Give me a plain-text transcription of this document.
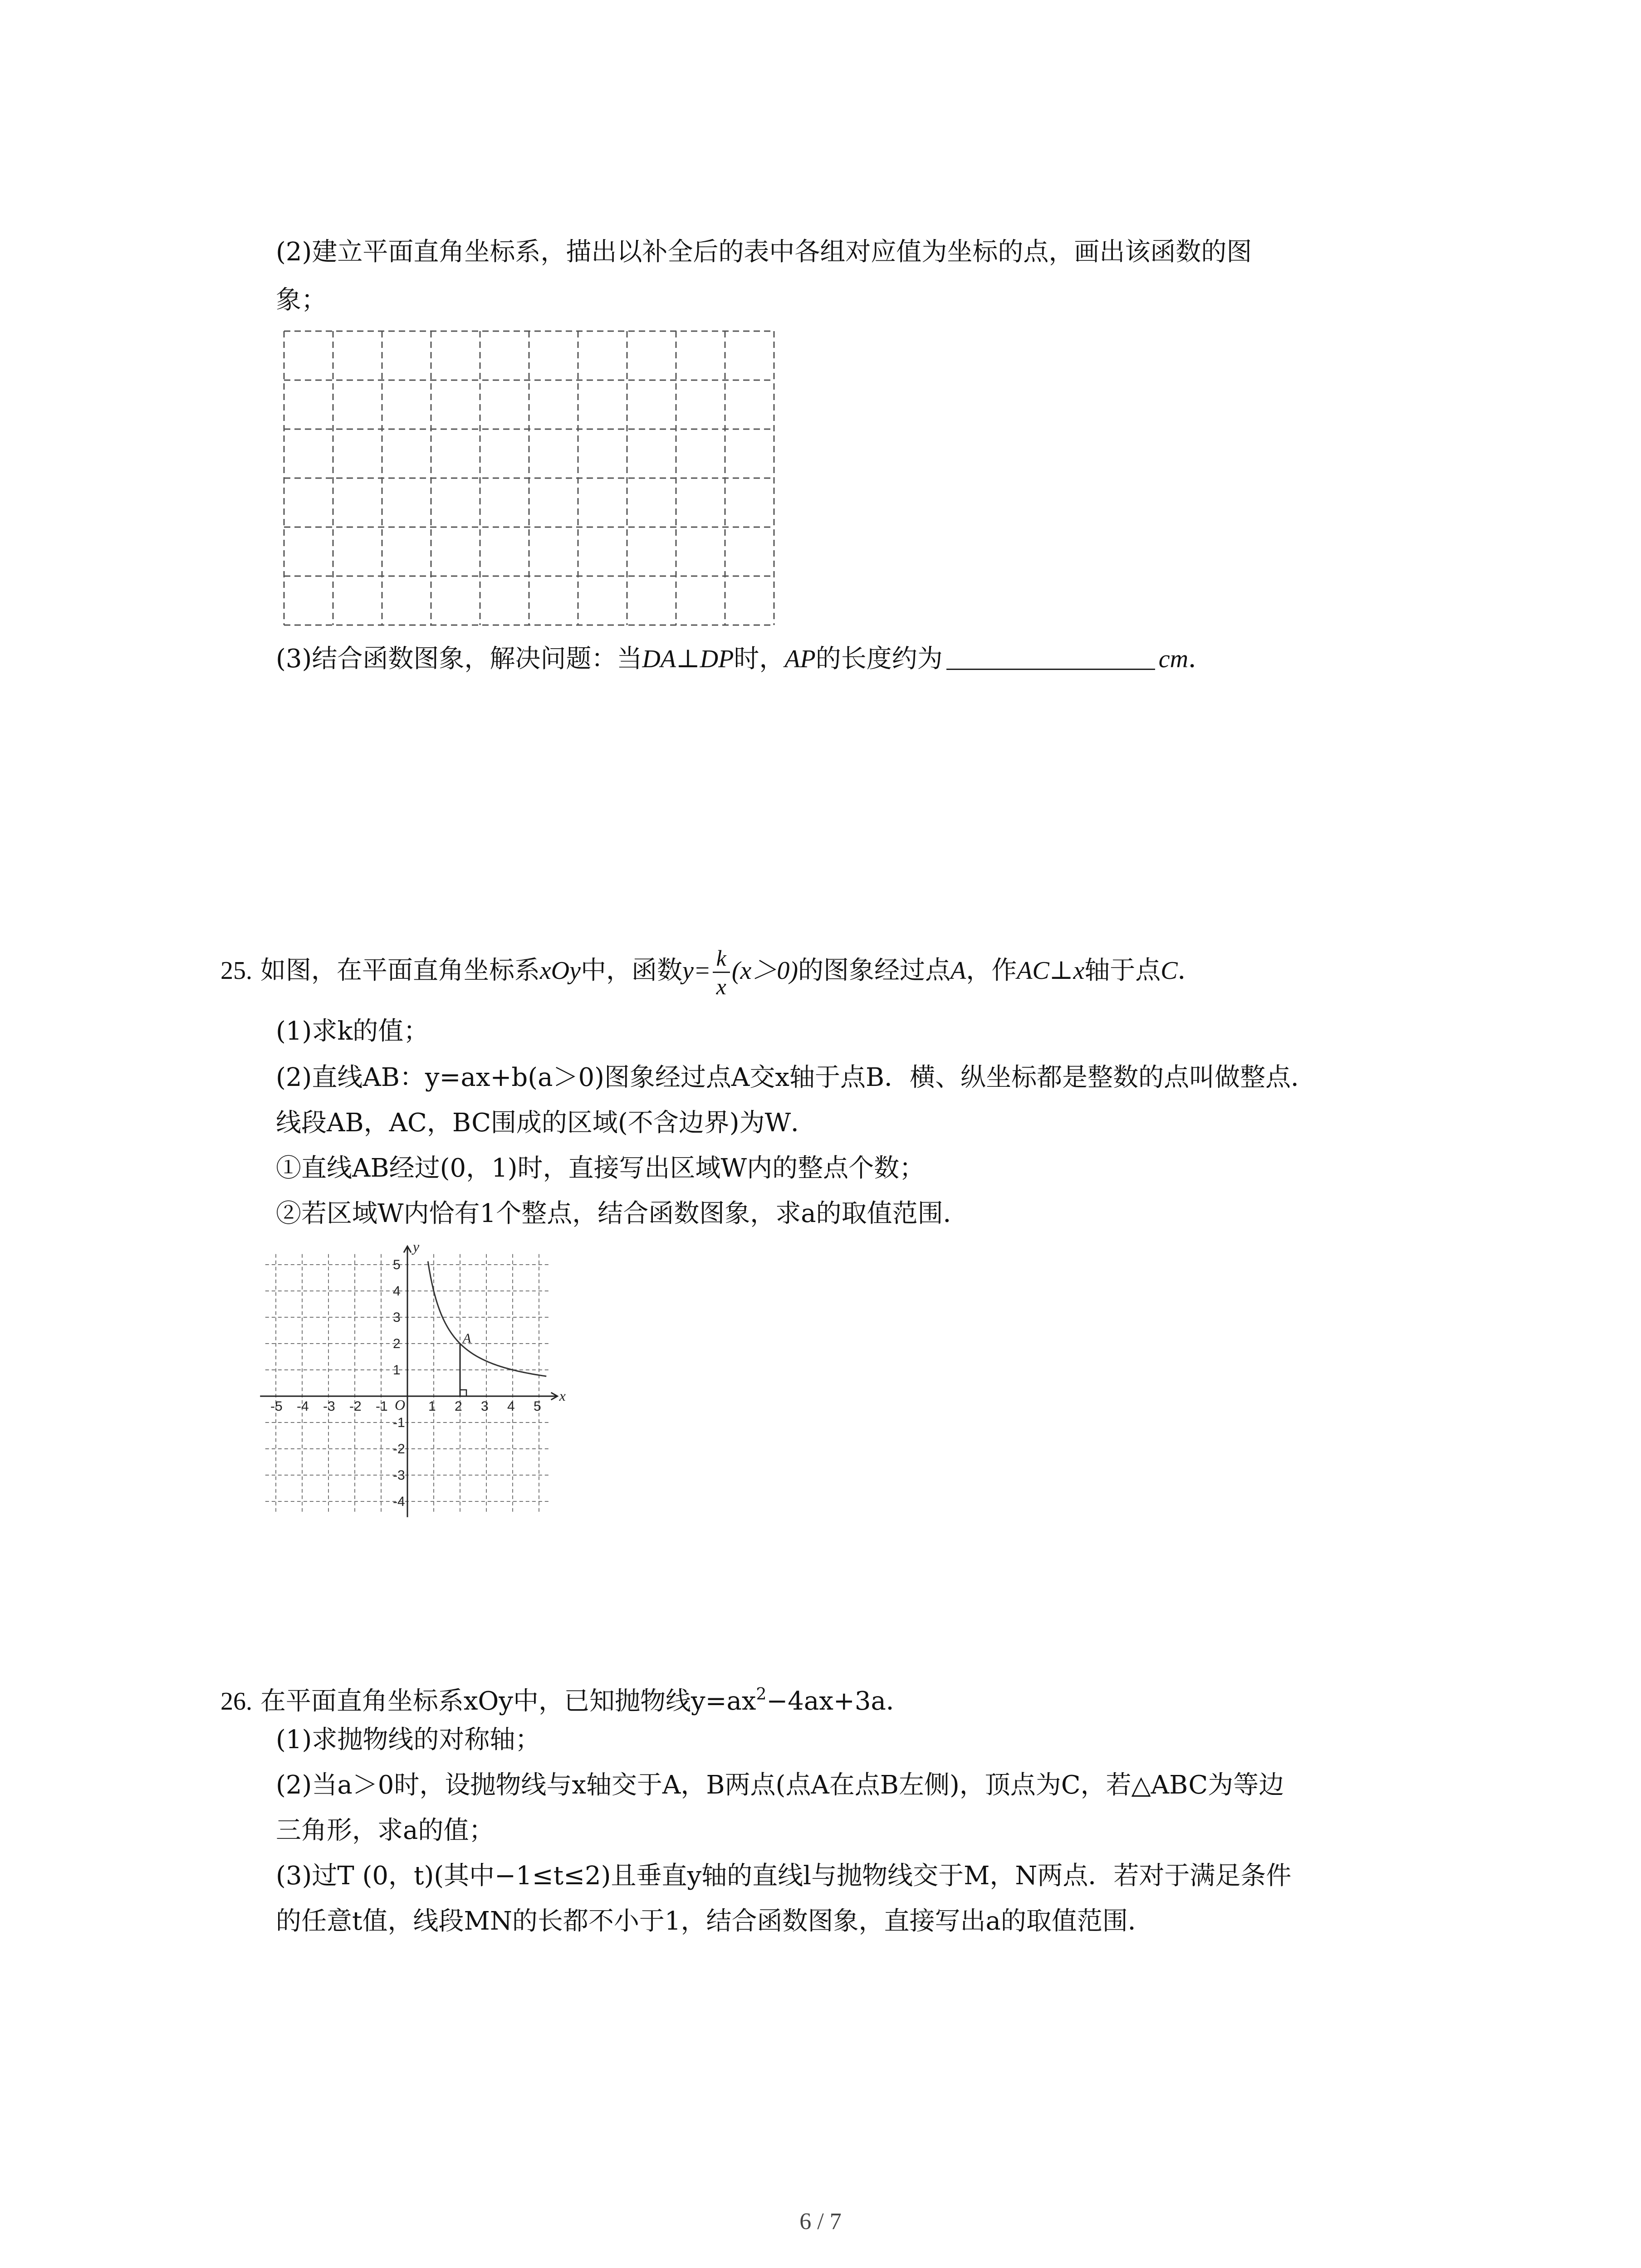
(2)建立平面直角坐标系，描出以补全后的表中各组对应值为坐标的点，画出该函数的图
象；
(3)结合函数图象，解决问题：当DA⊥DP时，AP的长度约为	cm．
25. 如图，在平面直角坐标系xOy中，函数$y= \frac{k}{x} (x>0)$的图象经过点A，作AC⊥x轴于点C．
(1)求k的值；
(2)直线AB：y=ax+b(a＞0)图象经过点A交x轴于点B．横、纵坐标都是整数的点叫做整点．
线段AB，AC，BC围成的区域(不含边界)为W．
①直线AB经过(0，1)时，直接写出区域W内的整点个数；
②若区域W内恰有1个整点，结合函数图象，求a的取值范围．
-5 -4 -3 -2 -1	1 2 3 4 5
5
4
3
2
1
-1
-2
-3
-4
A
x
y
O
26. 在平面直角坐标系xOy中，已知抛物线$y=ax^2-4ax+3a$．
(1)求抛物线的对称轴；
(2)当a＞0时，设抛物线与x轴交于A，B两点(点A在点B左侧)，顶点为C，若△ABC为等边
三角形，求a的值；
(3)过T (0，t)(其中−1≤t≤2)且垂直y轴的直线l与抛物线交于M，N两点．若对于满足条件
的任意t值，线段MN的长都不小于1，结合函数图象，直接写出a的取值范围．
6 / 7
